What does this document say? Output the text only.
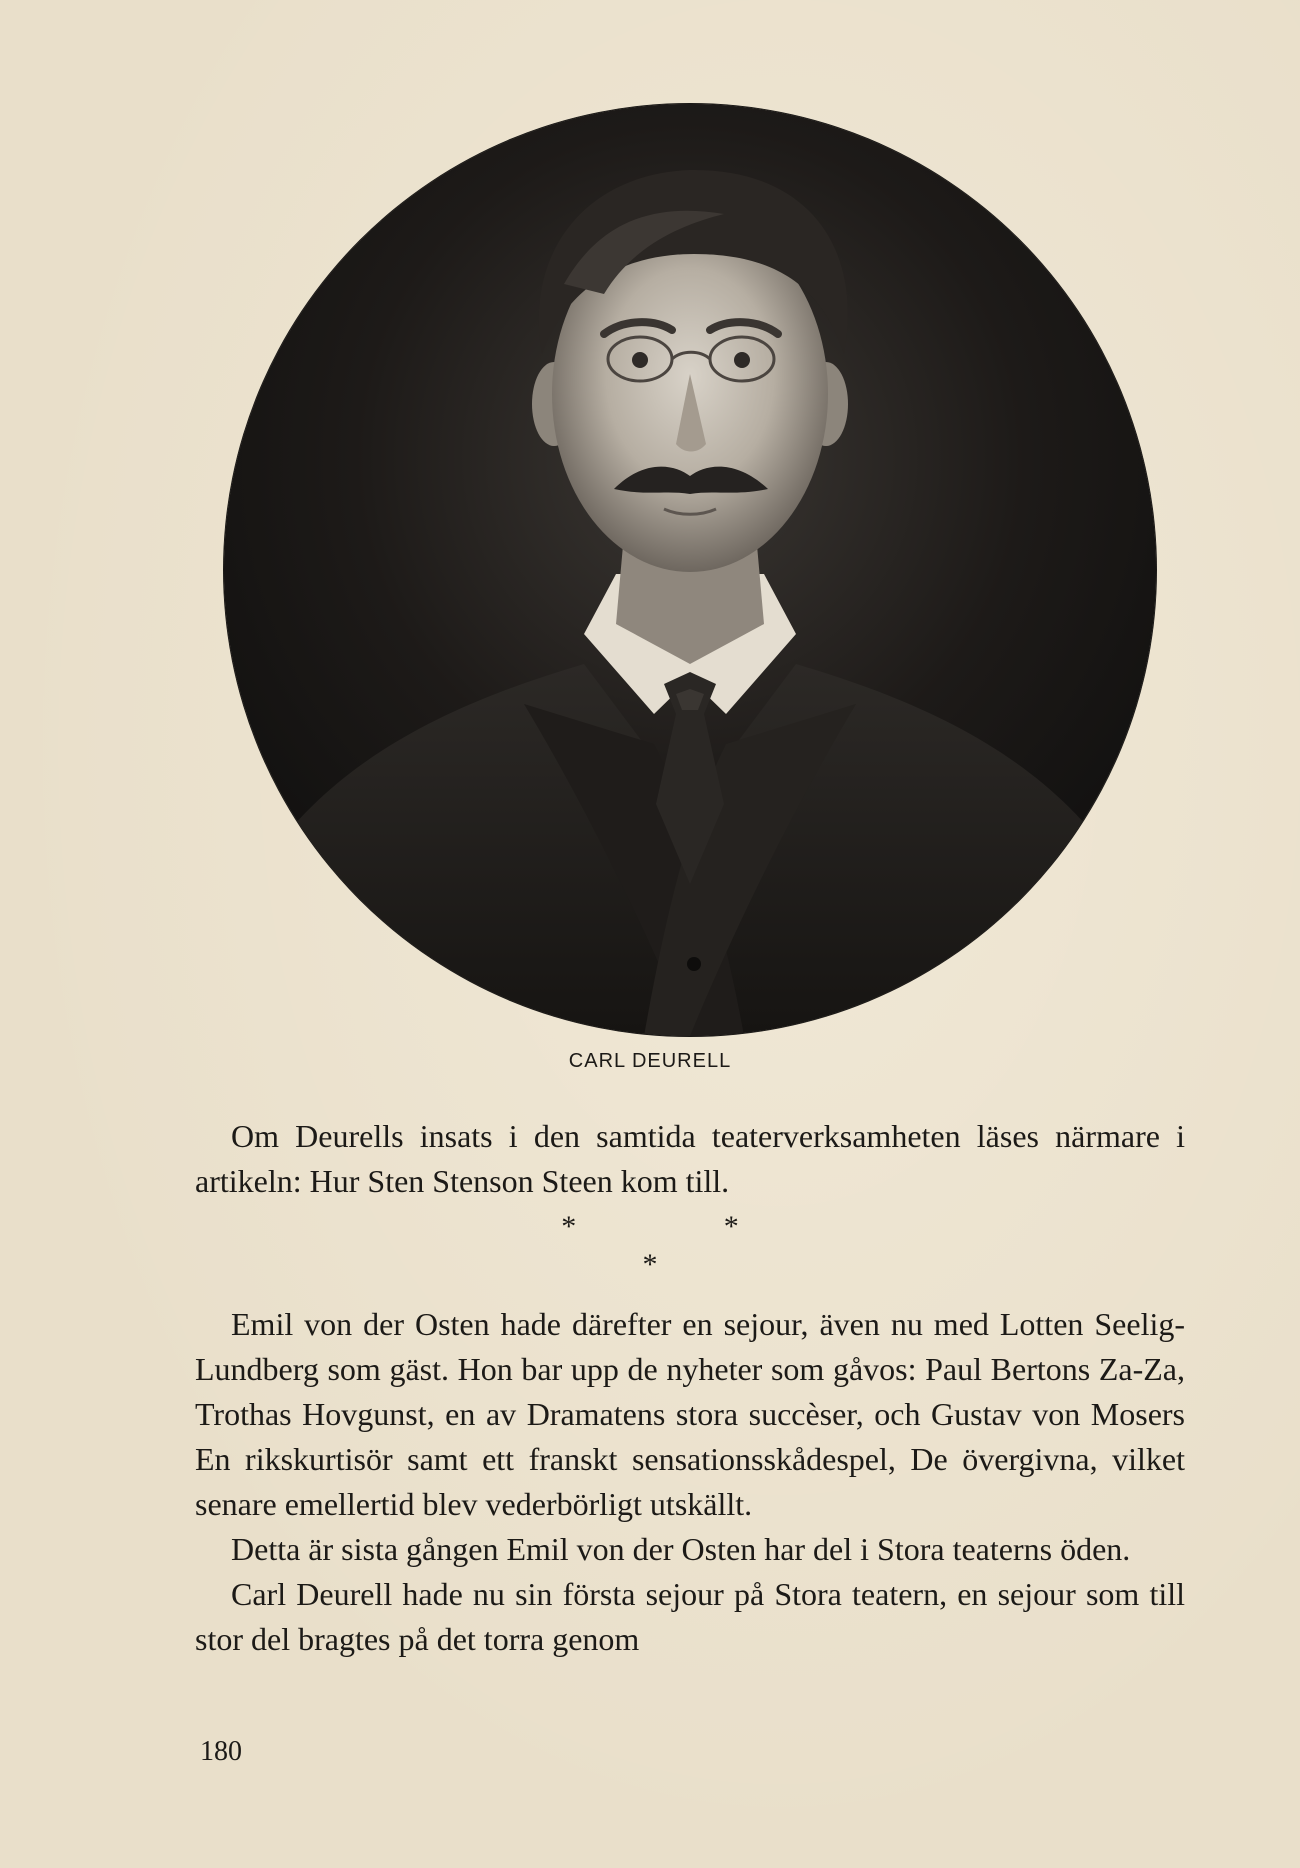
CARL DEURELL

Om Deurells insats i den samtida teaterverksamheten läses närmare i artikeln: Hur Sten Stenson Steen kom till.

* *
*

Emil von der Osten hade därefter en sejour, även nu med Lotten Seelig-Lundberg som gäst. Hon bar upp de nyheter som gåvos: Paul Bertons Za-Za, Trothas Hovgunst, en av Dramatens stora succèser, och Gustav von Mosers En rikskurtisör samt ett franskt sensationsskådespel, De övergivna, vilket senare emellertid blev vederbörligt utskällt.

Detta är sista gången Emil von der Osten har del i Stora teaterns öden.

Carl Deurell hade nu sin första sejour på Stora teatern, en sejour som till stor del bragtes på det torra genom

180
